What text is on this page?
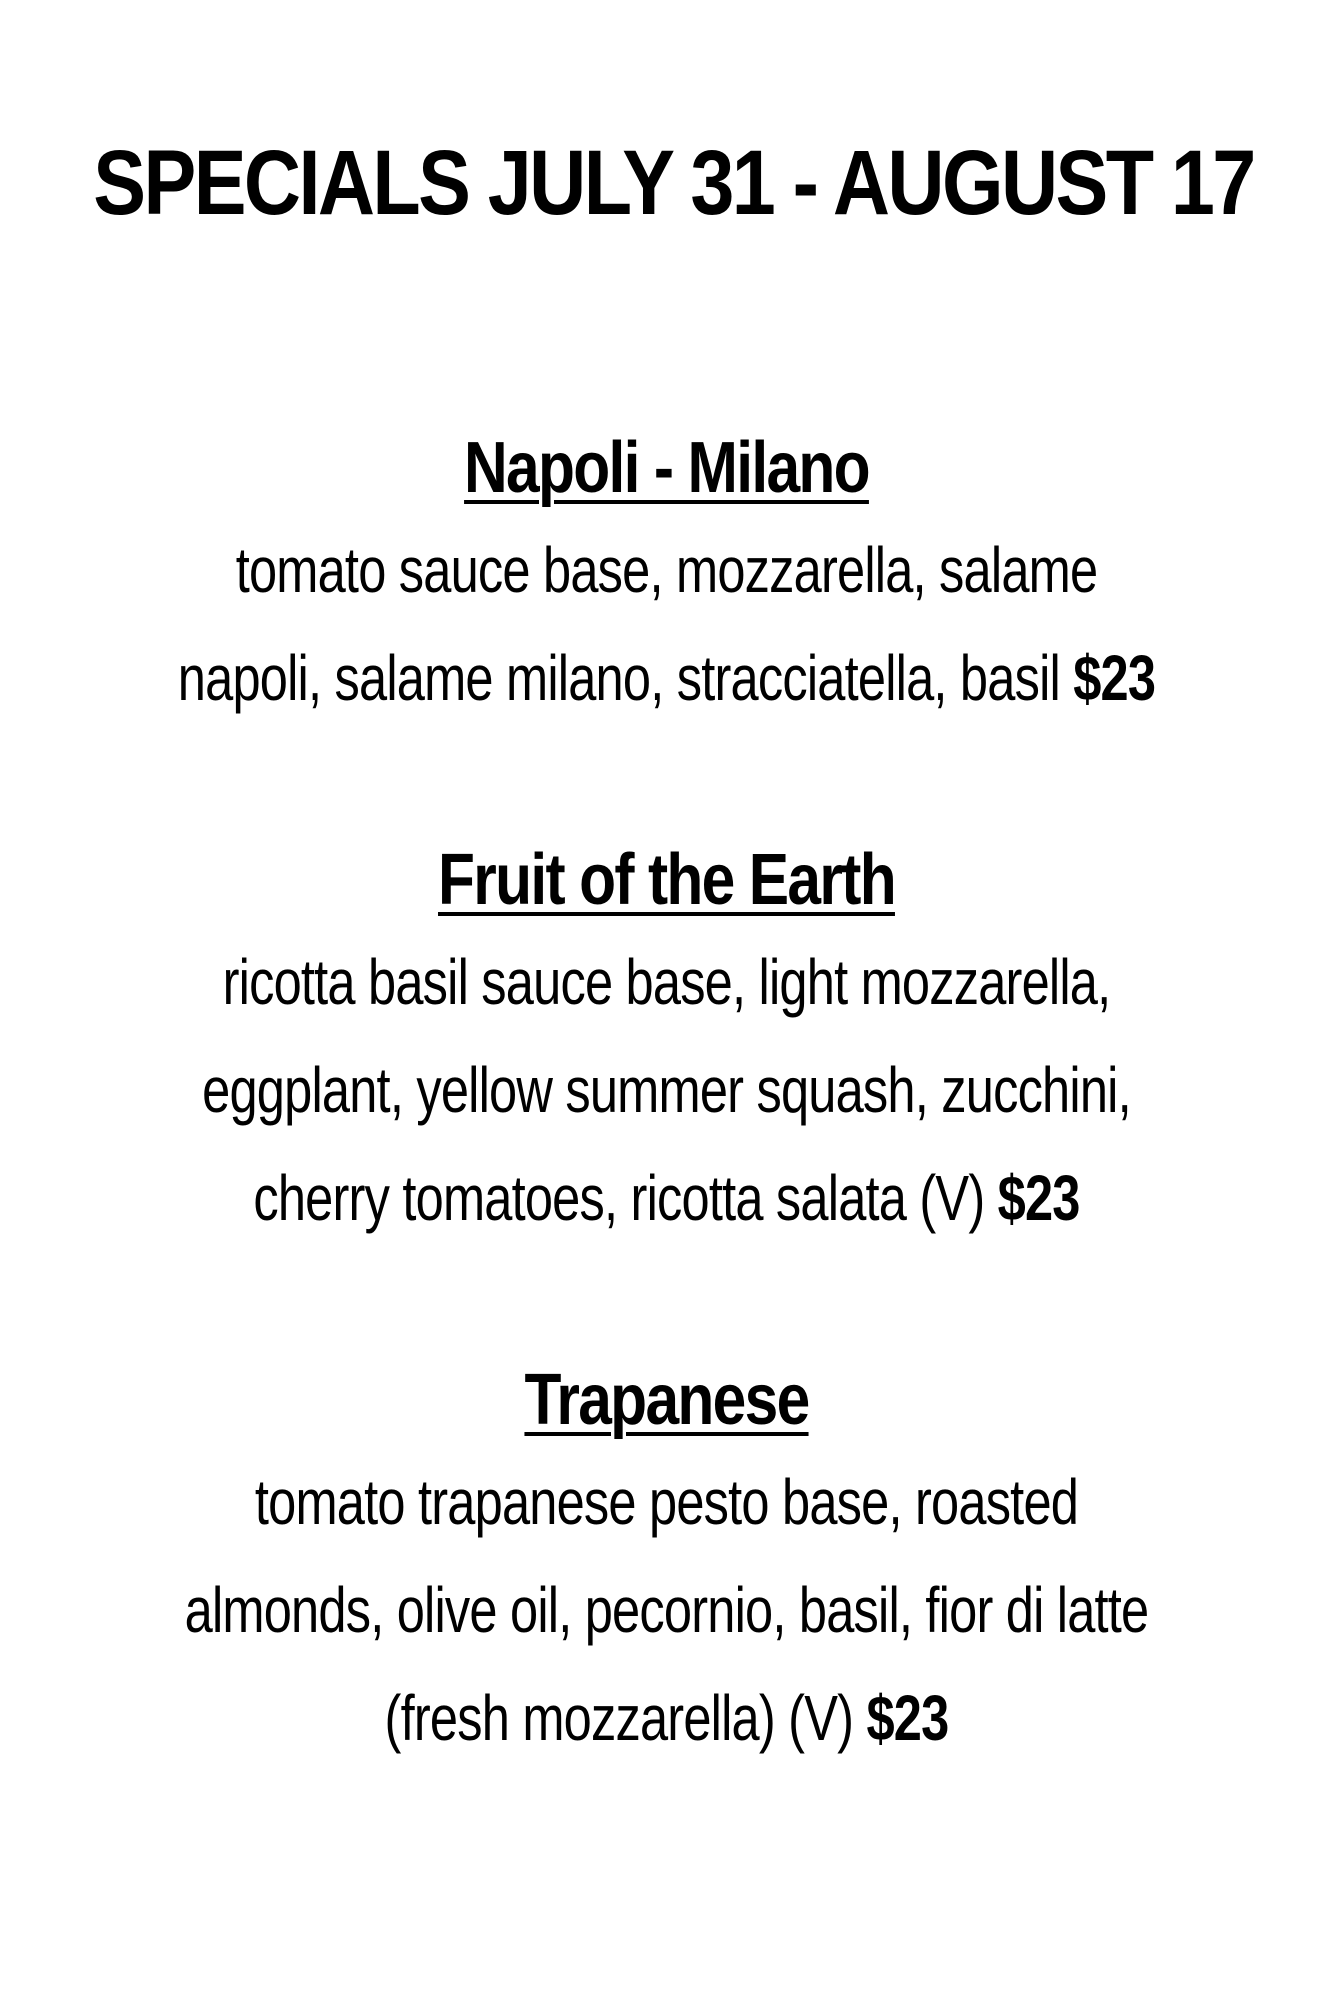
SPECIALS JULY 31 - AUGUST 17
Napoli - Milano

tomato sauce base, mozzarella, salame
napoli, salame milano, stracciatella, basil $23

Fruit of the Earth

ricotta basil sauce base, light mozzarella,
eggplant, yellow summer squash, zucchini,
cherry tomatoes, ricotta salata (V) $23

Trapanese

tomato trapanese pesto base, roasted
almonds, olive oil, pecornio, basil, fior di latte
(fresh mozzarella) (V) $23
